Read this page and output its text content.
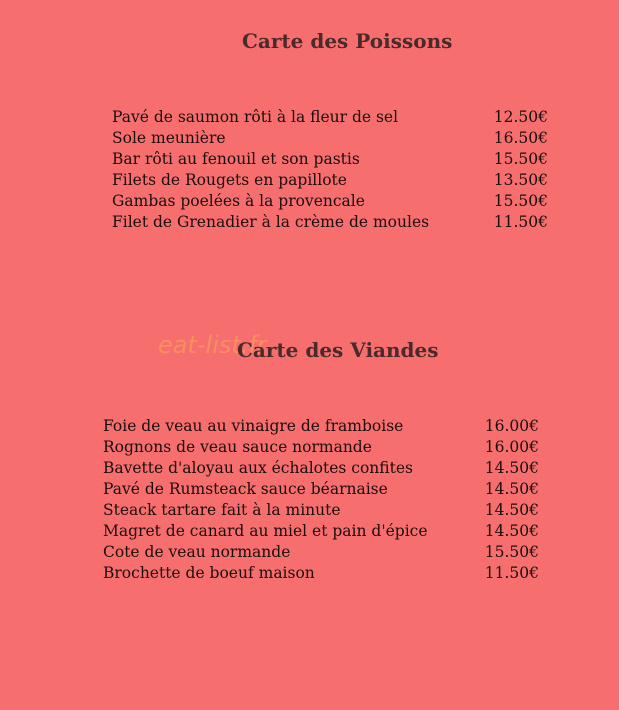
Carte des Poissons
Pavé de saumon rôti à la fleur de sel	12.50€
Sole meunière	16.50€
Bar rôti au fenouil et son pastis	15.50€
Filets de Rougets en papillote	13.50€
Gambas poelées à la provencale	15.50€
Filet de Grenadier à la crème de moules	11.50€
eat-list.fr
Carte des Viandes
Foie de veau au vinaigre de framboise	16.00€
Rognons de veau sauce normande	16.00€
Bavette d'aloyau aux échalotes confites	14.50€
Pavé de Rumsteack sauce béarnaise	14.50€
Steack tartare fait à la minute	14.50€
Magret de canard au miel et pain d'épice	14.50€
Cote de veau normande	15.50€
Brochette de boeuf maison	11.50€
